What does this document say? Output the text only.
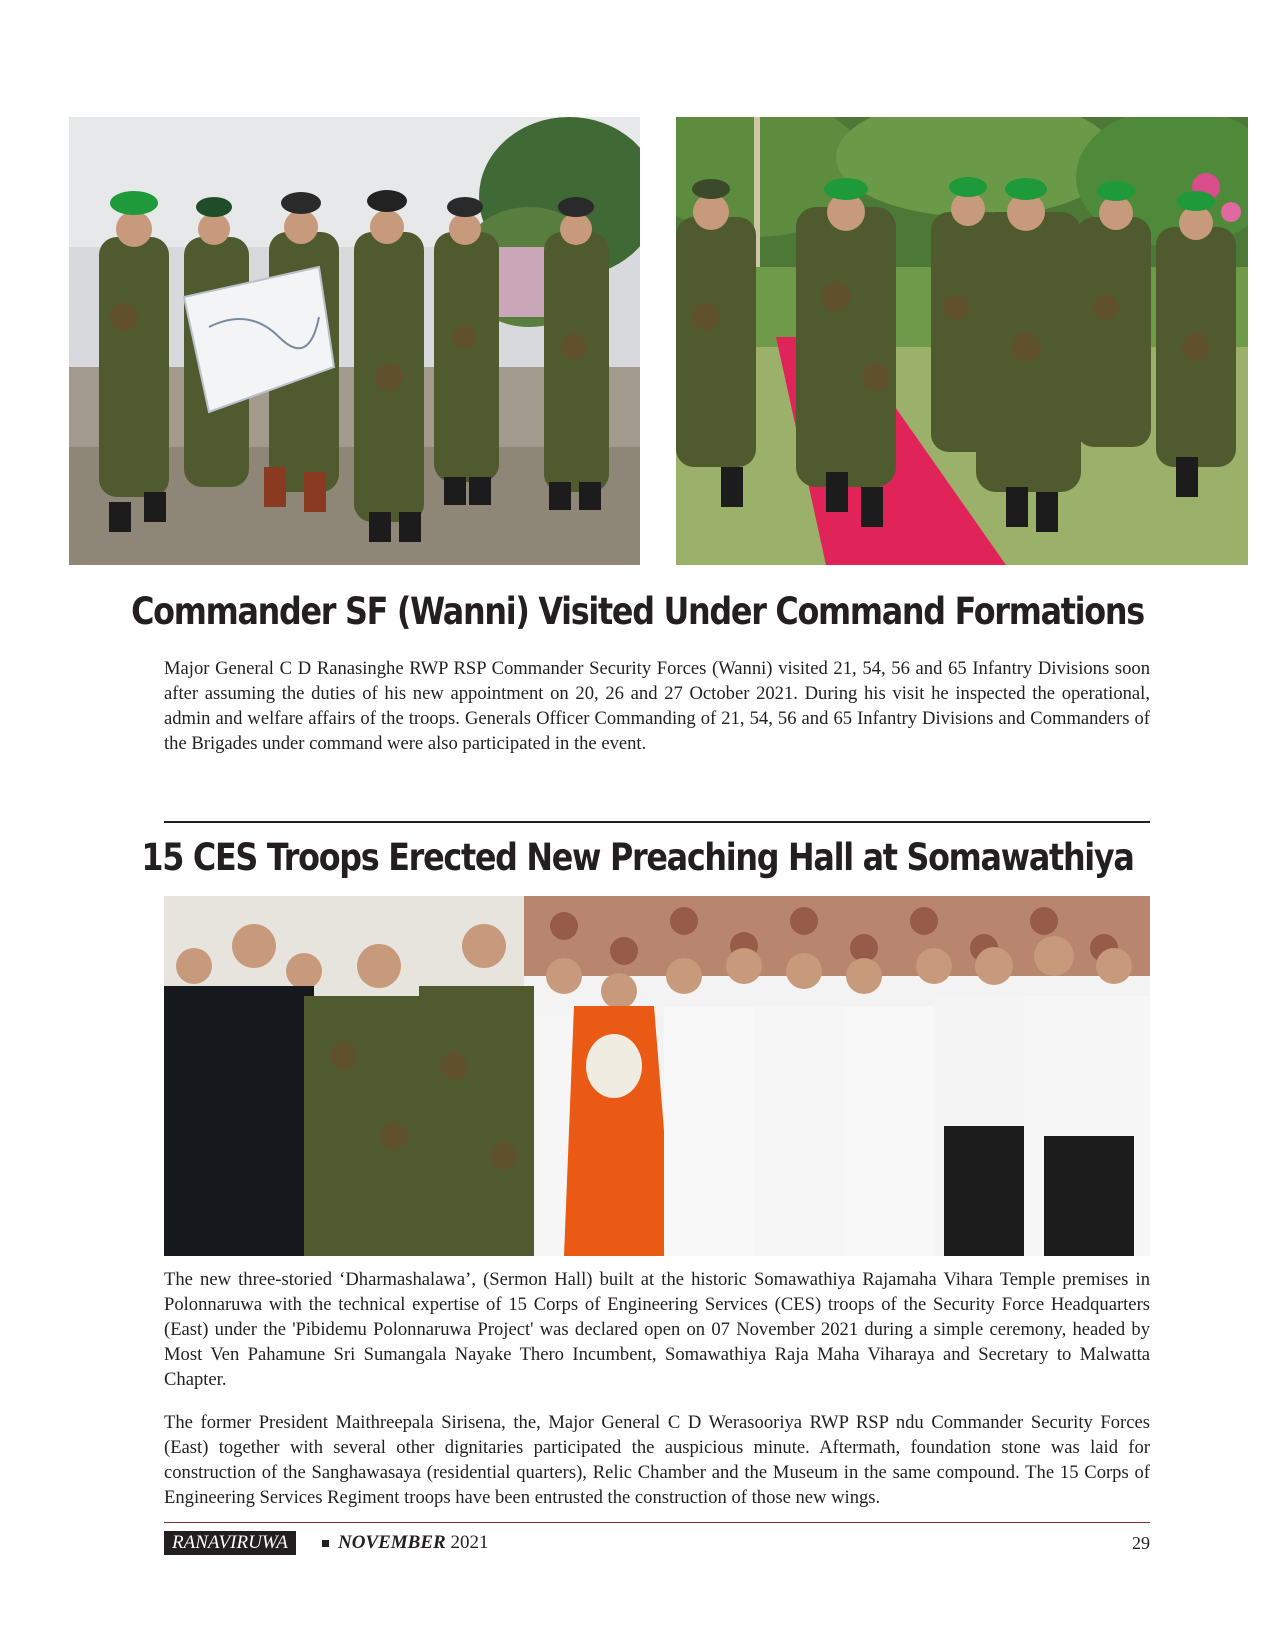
Commander SF (Wanni) Visited Under Command Formations

Major General C D Ranasinghe RWP RSP Commander Security Forces (Wanni) visited 21, 54, 56 and 65 Infantry Divisions soon after assuming the duties of his new appointment on 20, 26 and 27 October 2021. During his visit he inspected the operational, admin and welfare affairs of the troops. Generals Officer Commanding of 21, 54, 56 and 65 Infantry Divisions and Commanders of the Brigades under command were also participated in the event.

15 CES Troops Erected New Preaching Hall at Somawathiya

The new three-storied ‘Dharmashalawa’, (Sermon Hall) built at the historic Somawathiya Rajamaha Vihara Temple premises in Polonnaruwa with the technical expertise of 15 Corps of Engineering Services (CES) troops of the Security Force Headquarters (East) under the 'Pibidemu Polonnaruwa Project' was declared open on 07 November 2021 during a simple ceremony, headed by Most Ven Pahamune Sri Sumangala Nayake Thero Incumbent, Somawathiya Raja Maha Viharaya and Secretary to Malwatta Chapter.

The former President Maithreepala Sirisena, the, Major General C D Werasooriya RWP RSP ndu Commander Security Forces (East) together with several other dignitaries participated the auspicious minute. Aftermath, foundation stone was laid for construction of the Sanghawasaya (residential quarters), Relic Chamber and the Museum in the same compound. The 15 Corps of Engineering Services Regiment troops have been entrusted the construction of those new wings.

RANAVIRUWA	NOVEMBER 2021	29
